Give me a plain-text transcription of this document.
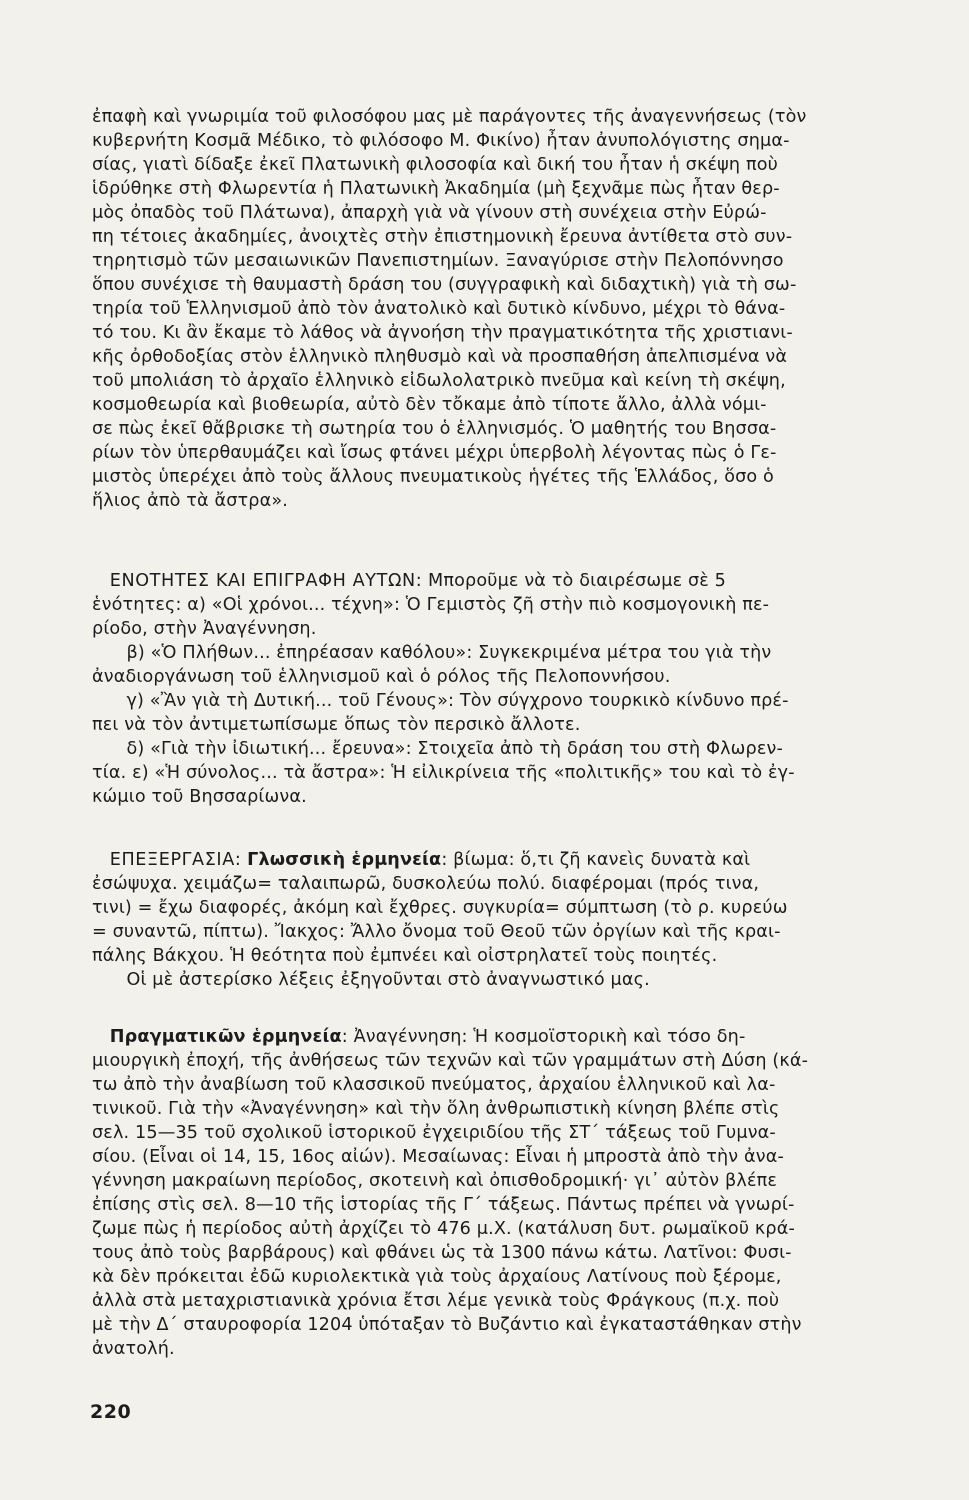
ἐπαφὴ καὶ γνωριμία τοῦ φιλοσόφου μας μὲ παράγοντες τῆς ἀναγεννήσεως (τὸν
κυβερνήτη Κοσμᾶ Μέδικο, τὸ φιλόσοφο Μ. Φικίνο) ἦταν ἀνυπολόγιστης σημα-
σίας, γιατὶ δίδαξε ἐκεῖ Πλατωνικὴ φιλοσοφία καὶ δική του ἦταν ἡ σκέψη ποὺ
ἱδρύθηκε στὴ Φλωρεντία ἡ Πλατωνικὴ Ἀκαδημία (μὴ ξεχνᾶμε πὼς ἦταν θερ-
μὸς ὀπαδὸς τοῦ Πλάτωνα), ἀπαρχὴ γιὰ νὰ γίνουν στὴ συνέχεια στὴν Εὐρώ-
πη τέτοιες ἀκαδημίες, ἀνοιχτὲς στὴν ἐπιστημονικὴ ἔρευνα ἀντίθετα στὸ συν-
τηρητισμὸ τῶν μεσαιωνικῶν Πανεπιστημίων. Ξαναγύρισε στὴν Πελοπόννησο
ὅπου συνέχισε τὴ θαυμαστὴ δράση του (συγγραφικὴ καὶ διδαχτικὴ) γιὰ τὴ σω-
τηρία τοῦ Ἑλληνισμοῦ ἀπὸ τὸν ἀνατολικὸ καὶ δυτικὸ κίνδυνο, μέχρι τὸ θάνα-
τό του. Κι ἂν ἔκαμε τὸ λάθος νὰ ἀγνοήση τὴν πραγματικότητα τῆς χριστιανι-
κῆς ὀρθοδοξίας στὸν ἑλληνικὸ πληθυσμὸ καὶ νὰ προσπαθήση ἀπελπισμένα νὰ
τοῦ μπολιάση τὸ ἀρχαῖο ἑλληνικὸ εἰδωλολατρικὸ πνεῦμα καὶ κείνη τὴ σκέψη,
κοσμοθεωρία καὶ βιοθεωρία, αὐτὸ δὲν τὄκαμε ἀπὸ τίποτε ἄλλο, ἀλλὰ νόμι-
σε πὼς ἐκεῖ θἄβρισκε τὴ σωτηρία του ὁ ἑλληνισμός. Ὁ μαθητής του Βησσα-
ρίων τὸν ὑπερθαυμάζει καὶ ἴσως φτάνει μέχρι ὑπερβολὴ λέγοντας πὼς ὁ Γε-
μιστὸς ὑπερέχει ἀπὸ τοὺς ἄλλους πνευματικοὺς ἡγέτες τῆς Ἑλλάδος, ὅσο ὁ
ἥλιος ἀπὸ τὰ ἄστρα».
 ΕΝΟΤΗΤΕΣ ΚΑΙ ΕΠΙΓΡΑΦΗ ΑΥΤΩΝ: Μποροῦμε νὰ τὸ διαιρέσωμε σὲ 5
ἑνότητες: α) «Οἱ χρόνοι... τέχνη»: Ὁ Γεμιστὸς ζῆ στὴν πιὸ κοσμογονικὴ πε-
ρίοδο, στὴν Ἀναγέννηση.
β) «Ὁ Πλήθων... ἐπηρέασαν καθόλου»: Συγκεκριμένα μέτρα του γιὰ τὴν
ἀναδιοργάνωση τοῦ ἑλληνισμοῦ καὶ ὁ ρόλος τῆς Πελοποννήσου.
γ) «Ἂν γιὰ τὴ Δυτική... τοῦ Γένους»: Τὸν σύγχρονο τουρκικὸ κίνδυνο πρέ-
πει νὰ τὸν ἀντιμετωπίσωμε ὅπως τὸν περσικὸ ἄλλοτε.
δ) «Γιὰ τὴν ἰδιωτική... ἔρευνα»: Στοιχεῖα ἀπὸ τὴ δράση του στὴ Φλωρεν-
τία. ε) «Ἡ σύνολος... τὰ ἄστρα»: Ἡ εἰλικρίνεια τῆς «πολιτικῆς» του καὶ τὸ ἐγ-
κώμιο τοῦ Βησσαρίωνα.
 ΕΠΕΞΕΡΓΑΣΙΑ: Γλωσσικὴ ἑρμηνεία: βίωμα: ὅ,τι ζῆ κανεὶς δυνατὰ καὶ
ἐσώψυχα. χειμάζω= ταλαιπωρῶ, δυσκολεύω πολύ. διαφέρομαι (πρός τινα,
τινι) = ἔχω διαφορές, ἀκόμη καὶ ἔχθρες. συγκυρία= σύμπτωση (τὸ ρ. κυρεύω
= συναντῶ, πίπτω). Ἴακχος: Ἄλλο ὄνομα τοῦ Θεοῦ τῶν ὀργίων καὶ τῆς κραι-
πάλης Βάκχου. Ἡ θεότητα ποὺ ἐμπνέει καὶ οἰστρηλατεῖ τοὺς ποιητές.
Οἱ μὲ ἀστερίσκο λέξεις ἐξηγοῦνται στὸ ἀναγνωστικό μας.
 Πραγματικῶν ἑρμηνεία: Ἀναγέννηση: Ἡ κοσμοϊστορικὴ καὶ τόσο δη-
μιουργικὴ ἐποχή, τῆς ἀνθήσεως τῶν τεχνῶν καὶ τῶν γραμμάτων στὴ Δύση (κά-
τω ἀπὸ τὴν ἀναβίωση τοῦ κλασσικοῦ πνεύματος, ἀρχαίου ἑλληνικοῦ καὶ λα-
τινικοῦ. Γιὰ τὴν «Ἀναγέννηση» καὶ τὴν ὅλη ἀνθρωπιστικὴ κίνηση βλέπε στὶς
σελ. 15—35 τοῦ σχολικοῦ ἱστορικοῦ ἐγχειριδίου τῆς ΣΤ΄ τάξεως τοῦ Γυμνα-
σίου. (Εἶναι οἱ 14, 15, 16ος αἰών). Μεσαίωνας: Εἶναι ἡ μπροστὰ ἀπὸ τὴν ἀνα-
γέννηση μακραίωνη περίοδος, σκοτεινὴ καὶ ὀπισθοδρομική· γι᾿ αὐτὸν βλέπε
ἐπίσης στὶς σελ. 8—10 τῆς ἱστορίας τῆς Γ΄ τάξεως. Πάντως πρέπει νὰ γνωρί-
ζωμε πὼς ἡ περίοδος αὐτὴ ἀρχίζει τὸ 476 μ.Χ. (κατάλυση δυτ. ρωμαϊκοῦ κρά-
τους ἀπὸ τοὺς βαρβάρους) καὶ φθάνει ὡς τὰ 1300 πάνω κάτω. Λατῖνοι: Φυσι-
κὰ δὲν πρόκειται ἐδῶ κυριολεκτικὰ γιὰ τοὺς ἀρχαίους Λατίνους ποὺ ξέρομε,
ἀλλὰ στὰ μεταχριστιανικὰ χρόνια ἔτσι λέμε γενικὰ τοὺς Φράγκους (π.χ. ποὺ
μὲ τὴν Δ΄ σταυροφορία 1204 ὑπόταξαν τὸ Βυζάντιο καὶ ἐγκαταστάθηκαν στὴν
ἀνατολή.
220
